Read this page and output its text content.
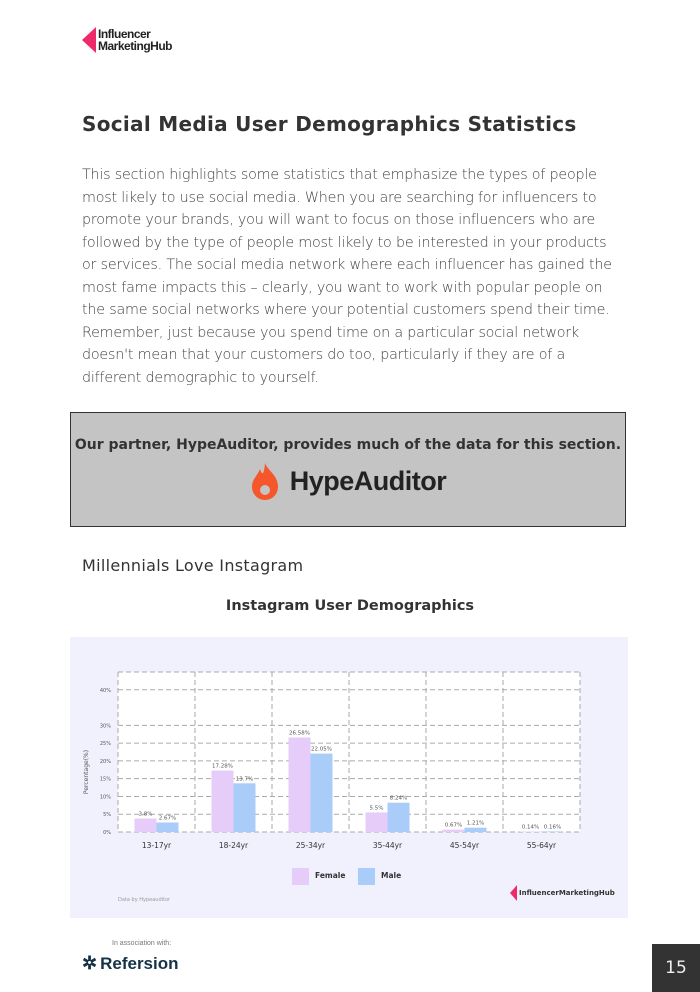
Influencer
MarketingHub
Social Media User Demographics Statistics

This section highlights some statistics that emphasize the types of people most likely to use social media. When you are searching for influencers to promote your brands, you will want to focus on those influencers who are followed by the type of people most likely to be interested in your products or services. The social media network where each influencer has gained the most fame impacts this – clearly, you want to work with popular people on the same social networks where your potential customers spend their time. Remember, just because you spend time on a particular social network doesn't mean that your customers do too, particularly if they are of a different demographic to yourself.

Our partner, HypeAuditor, provides much of the data for this section.
HypeAuditor
Millennials Love Instagram
Instagram User Demographics
0%
5%
10%
15%
20%
25%
30%
40%
Percentage(%)
3.8%
2.67%
13-17yr
17.28%
13.7%
18-24yr
26.58%
22.05%
25-34yr
5.5%
8.24%
35-44yr
0.67% 1.21%
45-54yr
0.14% 0.16%
55-64yr
Female	Male
Data by Hypeauditor
InfluencerMarketingHub
In association with:
✲ Refersion	15
